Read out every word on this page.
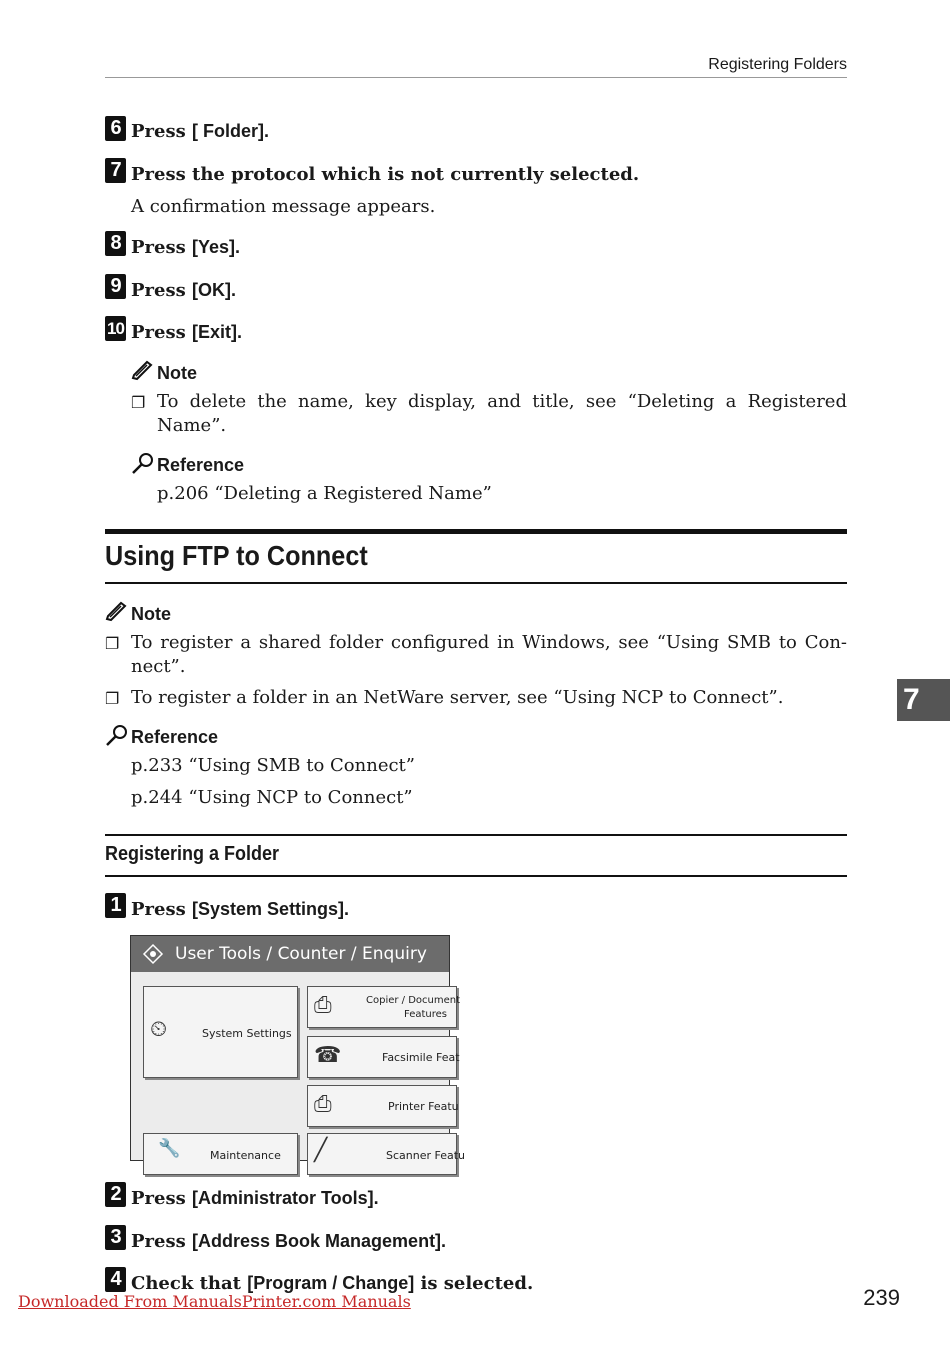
Registering Folders
6 Press [ Folder].
7 Press the protocol which is not currently selected.
A confirmation message appears.
8 Press [Yes].
9 Press [OK].
10 Press [Exit].
Note
❐ To delete the name, key display, and title, see “Deleting a Registered
Name”.
Reference
p.206 “Deleting a Registered Name”
Using FTP to Connect
Note
❐ To register a shared folder configured in Windows, see “Using SMB to Con-
nect”.
❐ To register a folder in an NetWare server, see “Using NCP to Connect”.
Reference
p.233 “Using SMB to Connect”
p.244 “Using NCP to Connect”
Registering a Folder
1 Press [System Settings].
User Tools / Counter / Enquiry
⏲	System Settings
⎙	Copier / Document
Features
☎	Facsimile Feat
⎙	Printer Featu
🔧	Maintenance ╱	Scanner Featu
2 Press [Administrator Tools].
3 Press [Address Book Management].
4 Check that [Program / Change] is selected.
7
Downloaded From ManualsPrinter.com Manuals	239
